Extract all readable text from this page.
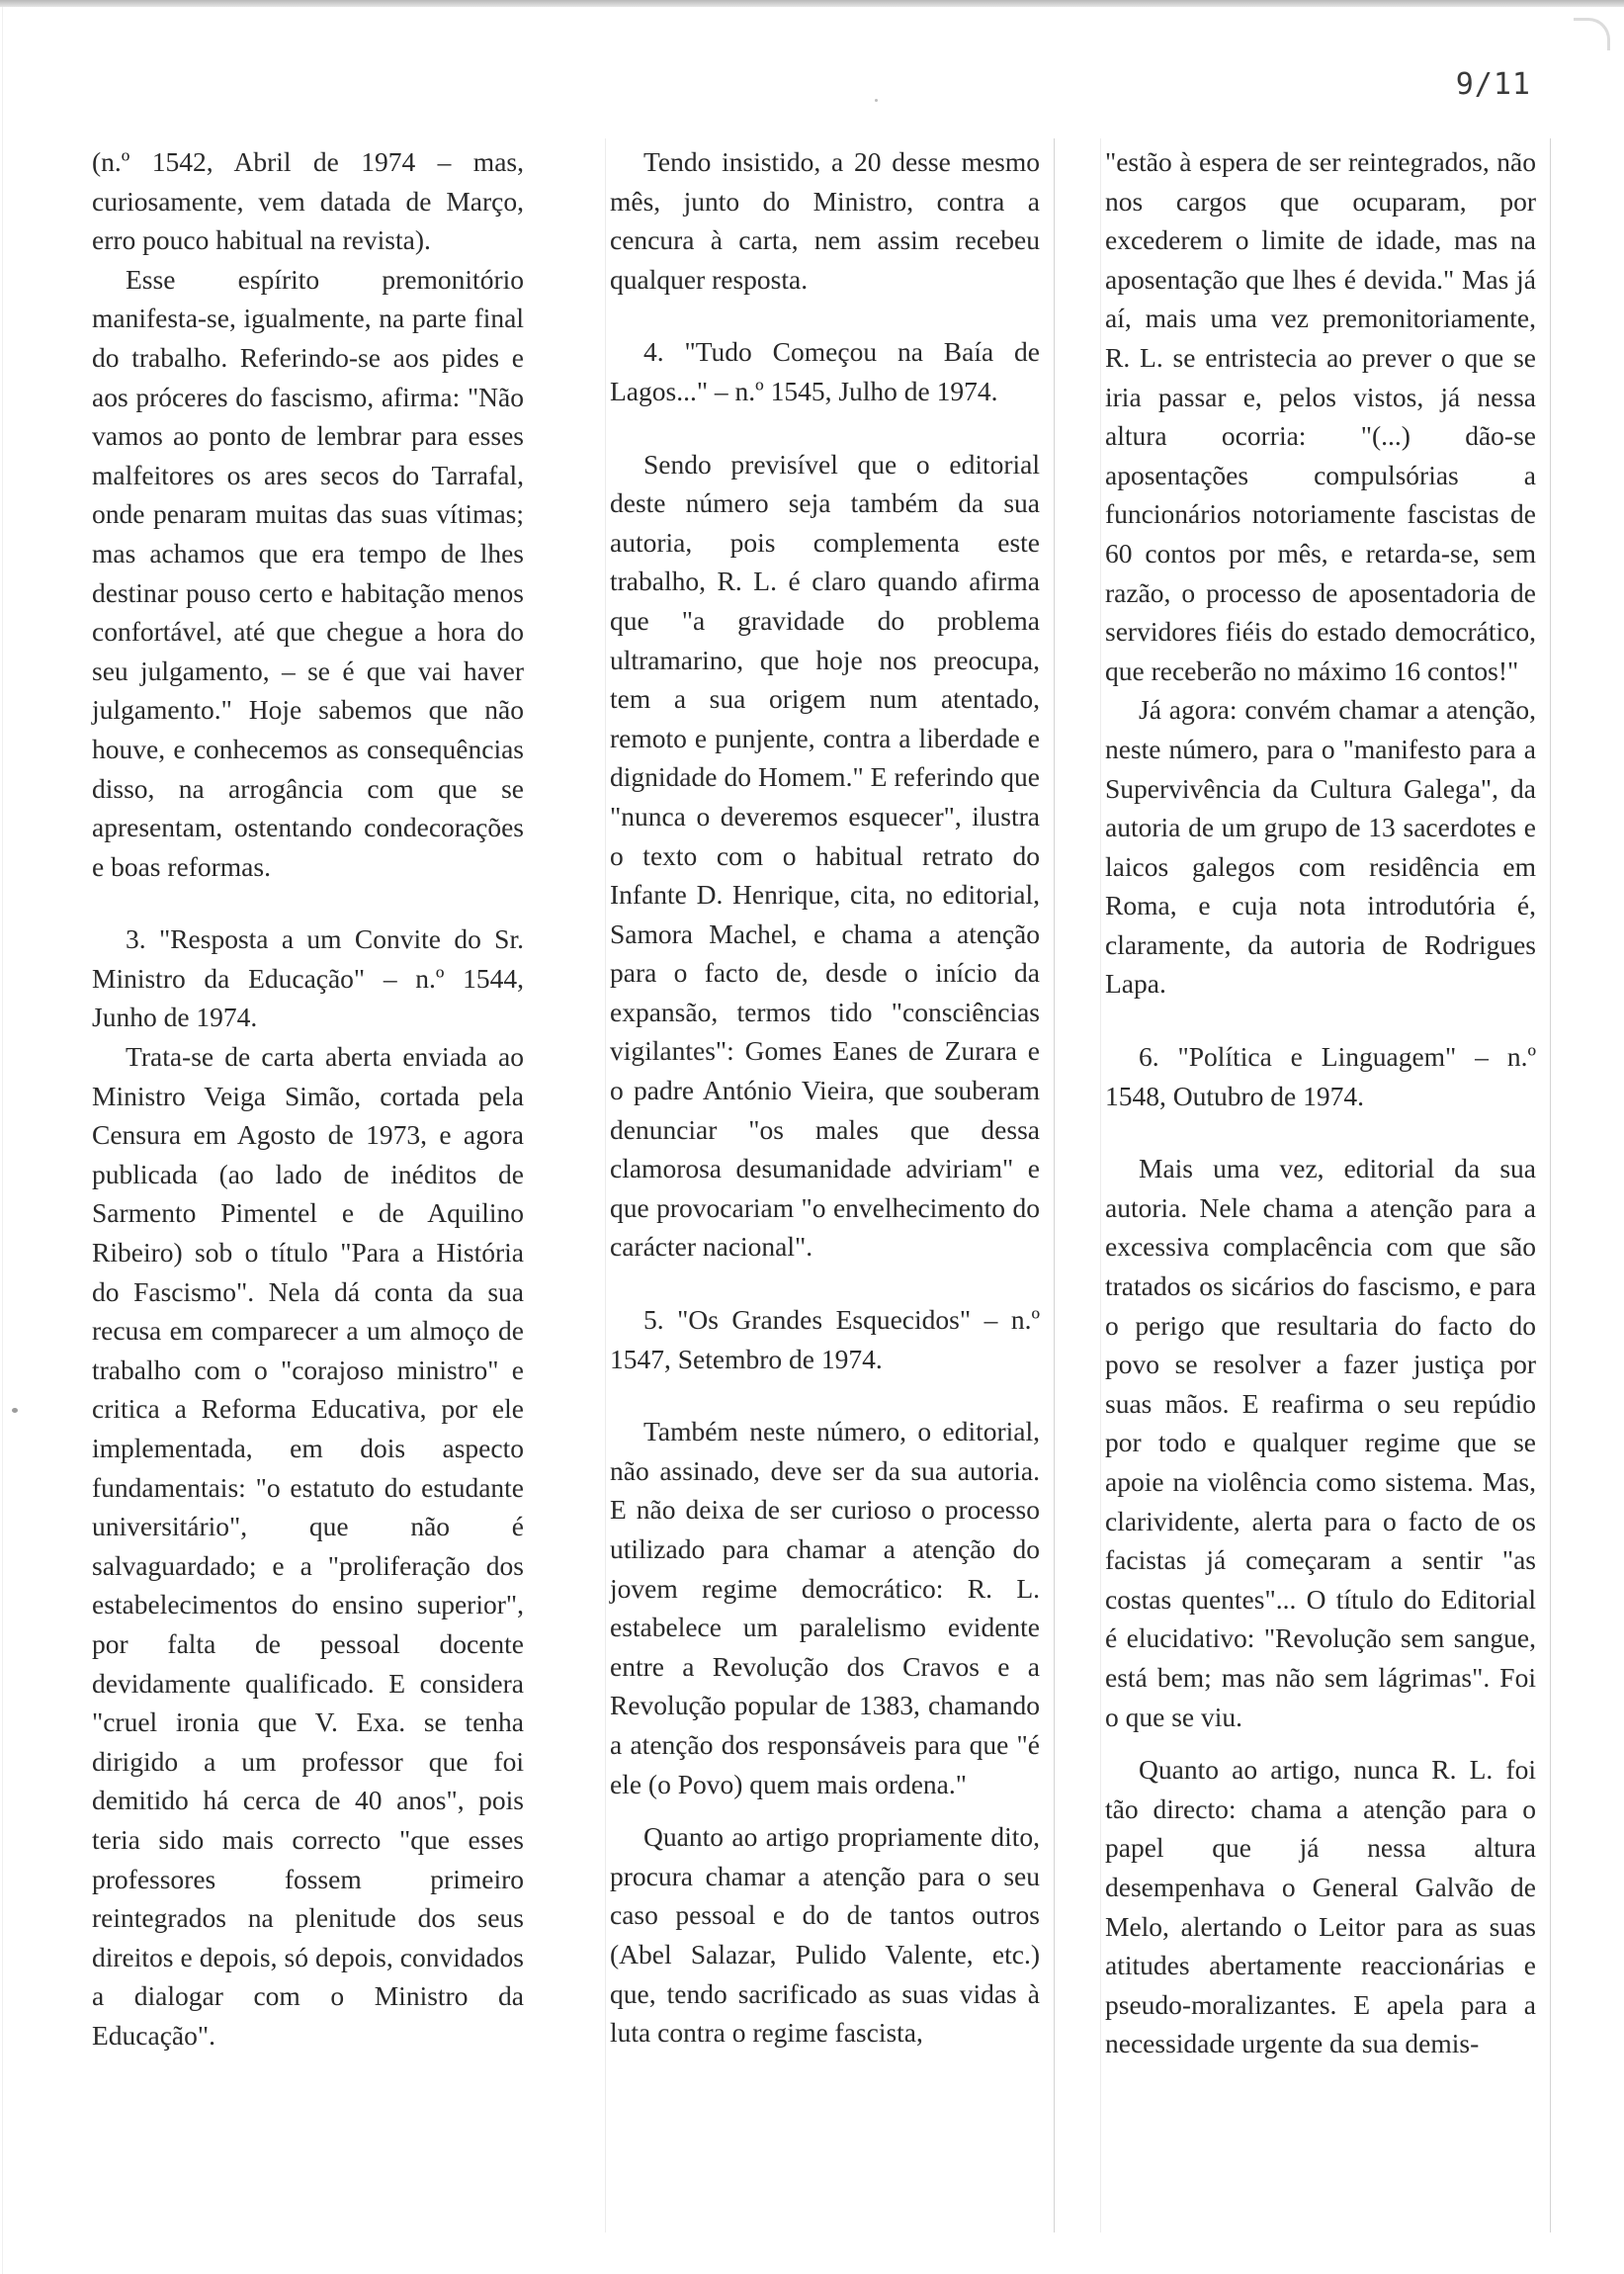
9/11

(n.º 1542, Abril de 1974 – mas, curiosamente, vem datada de Março, erro pouco habitual na revista).

Esse espírito premonitório manifesta-se, igualmente, na parte final do trabalho. Referindo-se aos pides e aos próceres do fascismo, afirma: "Não vamos ao ponto de lembrar para esses malfeitores os ares secos do Tarrafal, onde penaram muitas das suas vítimas; mas achamos que era tempo de lhes destinar pouso certo e habitação menos confortável, até que chegue a hora do seu julgamento, – se é que vai haver julgamento." Hoje sabemos que não houve, e conhecemos as consequências disso, na arrogância com que se apresentam, ostentando condecorações e boas reformas.

3. "Resposta a um Convite do Sr. Ministro da Educação" – n.º 1544, Junho de 1974.

Trata-se de carta aberta enviada ao Ministro Veiga Simão, cortada pela Censura em Agosto de 1973, e agora publicada (ao lado de inéditos de Sarmento Pimentel e de Aquilino Ribeiro) sob o título "Para a História do Fascismo". Nela dá conta da sua recusa em comparecer a um almoço de trabalho com o "corajoso ministro" e critica a Reforma Educativa, por ele implementada, em dois aspecto fundamentais: "o estatuto do estudante universitário", que não é salvaguardado; e a "proliferação dos estabelecimentos do ensino superior", por falta de pessoal docente devidamente qualificado. E considera "cruel ironia que V. Exa. se tenha dirigido a um professor que foi demitido há cerca de 40 anos", pois teria sido mais correcto "que esses professores fossem primeiro reintegrados na plenitude dos seus direitos e depois, só depois, convidados a dialogar com o Ministro da Educação".

Tendo insistido, a 20 desse mesmo mês, junto do Ministro, contra a cencura à carta, nem assim recebeu qualquer resposta.

4. "Tudo Começou na Baía de Lagos..." – n.º 1545, Julho de 1974.

Sendo previsível que o editorial deste número seja também da sua autoria, pois complementa este trabalho, R. L. é claro quando afirma que "a gravidade do problema ultramarino, que hoje nos preocupa, tem a sua origem num atentado, remoto e punjente, contra a liberdade e dignidade do Homem." E referindo que "nunca o deveremos esquecer", ilustra o texto com o habitual retrato do Infante D. Henrique, cita, no editorial, Samora Machel, e chama a atenção para o facto de, desde o início da expansão, termos tido "consciências vigilantes": Gomes Eanes de Zurara e o padre António Vieira, que souberam denunciar "os males que dessa clamorosa desumanidade adviriam" e que provocariam "o envelhecimento do carácter nacional".

5. "Os Grandes Esquecidos" – n.º 1547, Setembro de 1974.

Também neste número, o editorial, não assinado, deve ser da sua autoria. E não deixa de ser curioso o processo utilizado para chamar a atenção do jovem regime democrático: R. L. estabelece um paralelismo evidente entre a Revolução dos Cravos e a Revolução popular de 1383, chamando a atenção dos responsáveis para que "é ele (o Povo) quem mais ordena."

Quanto ao artigo propriamente dito, procura chamar a atenção para o seu caso pessoal e do de tantos outros (Abel Salazar, Pulido Valente, etc.) que, tendo sacrificado as suas vidas à luta contra o regime fascista,

"estão à espera de ser reintegrados, não nos cargos que ocuparam, por excederem o limite de idade, mas na aposentação que lhes é devida." Mas já aí, mais uma vez premonitoriamente, R. L. se entristecia ao prever o que se iria passar e, pelos vistos, já nessa altura ocorria: "(...) dão-se aposentações compulsórias a funcionários notoriamente fascistas de 60 contos por mês, e retarda-se, sem razão, o processo de aposentadoria de servidores fiéis do estado democrático, que receberão no máximo 16 contos!"

Já agora: convém chamar a atenção, neste número, para o "manifesto para a Supervivência da Cultura Galega", da autoria de um grupo de 13 sacerdotes e laicos galegos com residência em Roma, e cuja nota introdutória é, claramente, da autoria de Rodrigues Lapa.

6. "Política e Linguagem" – n.º 1548, Outubro de 1974.

Mais uma vez, editorial da sua autoria. Nele chama a atenção para a excessiva complacência com que são tratados os sicários do fascismo, e para o perigo que resultaria do facto do povo se resolver a fazer justiça por suas mãos. E reafirma o seu repúdio por todo e qualquer regime que se apoie na violência como sistema. Mas, clarividente, alerta para o facto de os facistas já começaram a sentir "as costas quentes"... O título do Editorial é elucidativo: "Revolução sem sangue, está bem; mas não sem lágrimas". Foi o que se viu.

Quanto ao artigo, nunca R. L. foi tão directo: chama a atenção para o papel que já nessa altura desempenhava o General Galvão de Melo, alertando o Leitor para as suas atitudes abertamente reaccionárias e pseudo-moralizantes. E apela para a necessidade urgente da sua demis-
